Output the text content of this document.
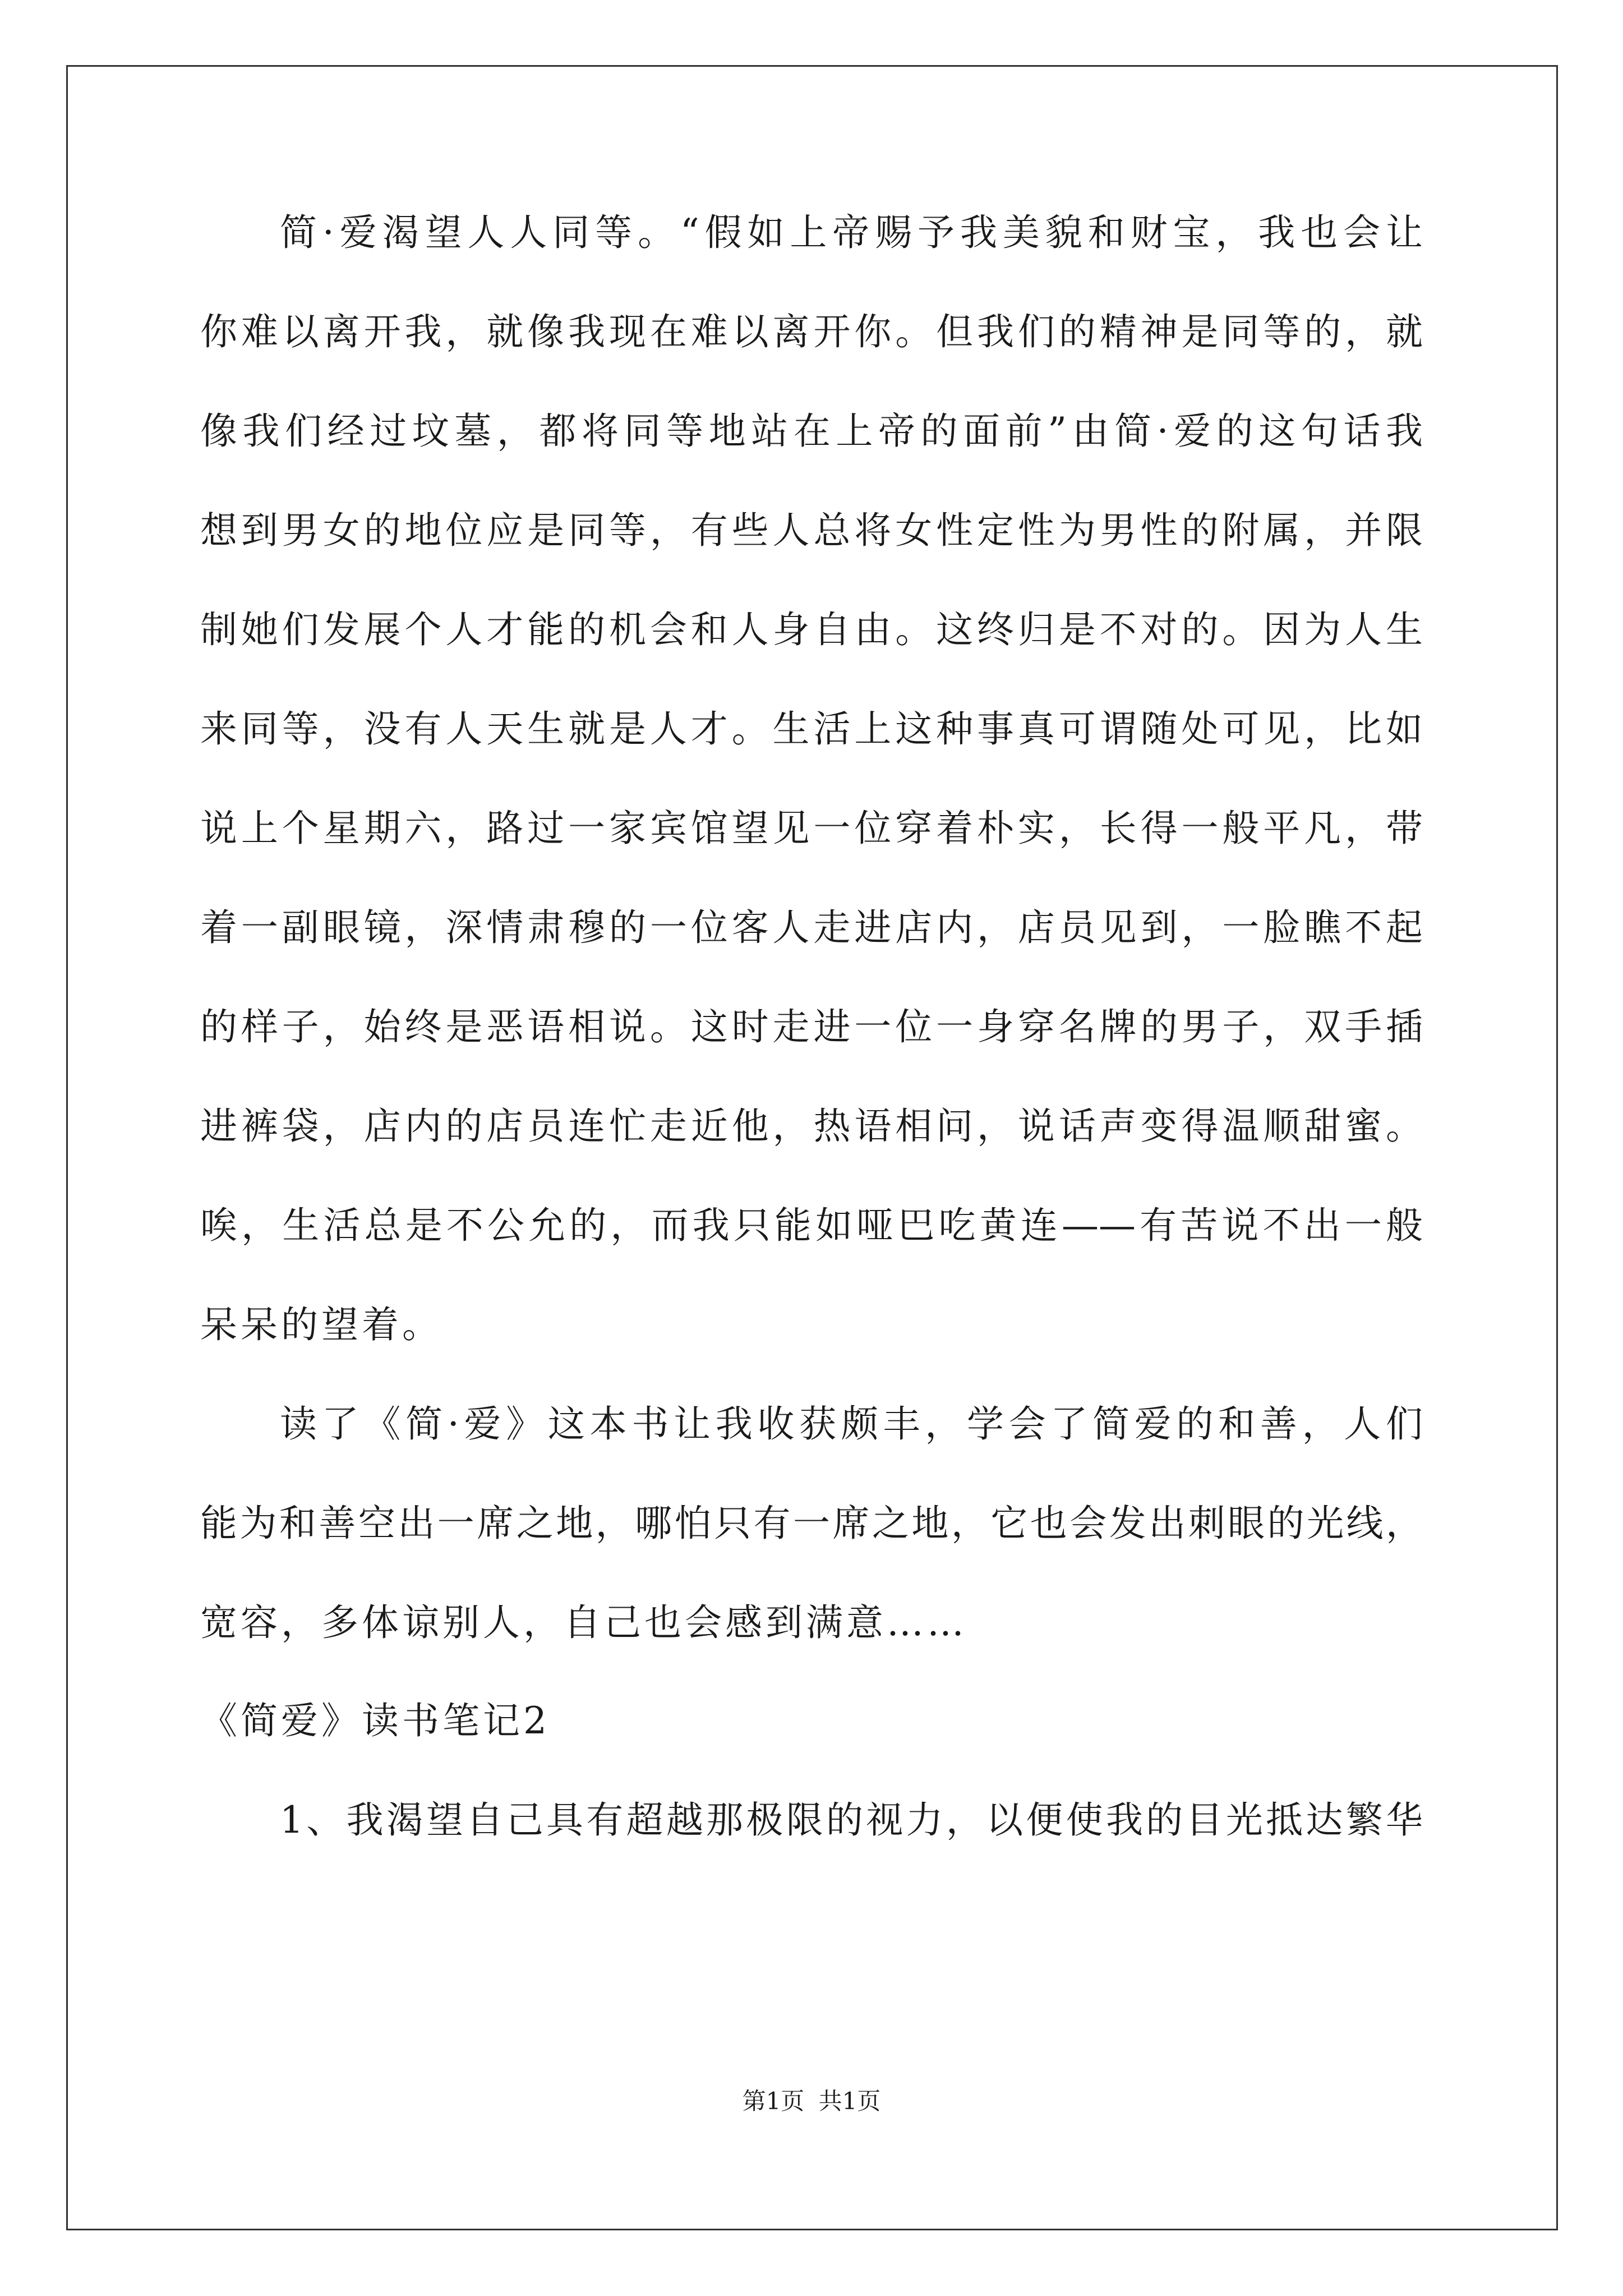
简·爱渴望人人同等。“假如上帝赐予我美貌和财宝，我也会让
你难以离开我，就像我现在难以离开你。但我们的精神是同等的，就
像我们经过坟墓，都将同等地站在上帝的面前”由简·爱的这句话我
想到男女的地位应是同等，有些人总将女性定性为男性的附属，并限
制她们发展个人才能的机会和人身自由。这终归是不对的。因为人生
来同等，没有人天生就是人才。生活上这种事真可谓随处可见，比如
说上个星期六，路过一家宾馆望见一位穿着朴实，长得一般平凡，带
着一副眼镜，深情肃穆的一位客人走进店内，店员见到，一脸瞧不起
的样子，始终是恶语相说。这时走进一位一身穿名牌的男子，双手插
进裤袋，店内的店员连忙走近他，热语相问，说话声变得温顺甜蜜。
唉，生活总是不公允的，而我只能如哑巴吃黄连——有苦说不出一般
呆呆的望着。
读了《简·爱》这本书让我收获颇丰，学会了简爱的和善，人们
能为和善空出一席之地，哪怕只有一席之地，它也会发出刺眼的光线，
宽容，多体谅别人，自己也会感到满意……
《简爱》读书笔记2
1、我渴望自己具有超越那极限的视力，以便使我的目光抵达繁华
第1页 共1页
